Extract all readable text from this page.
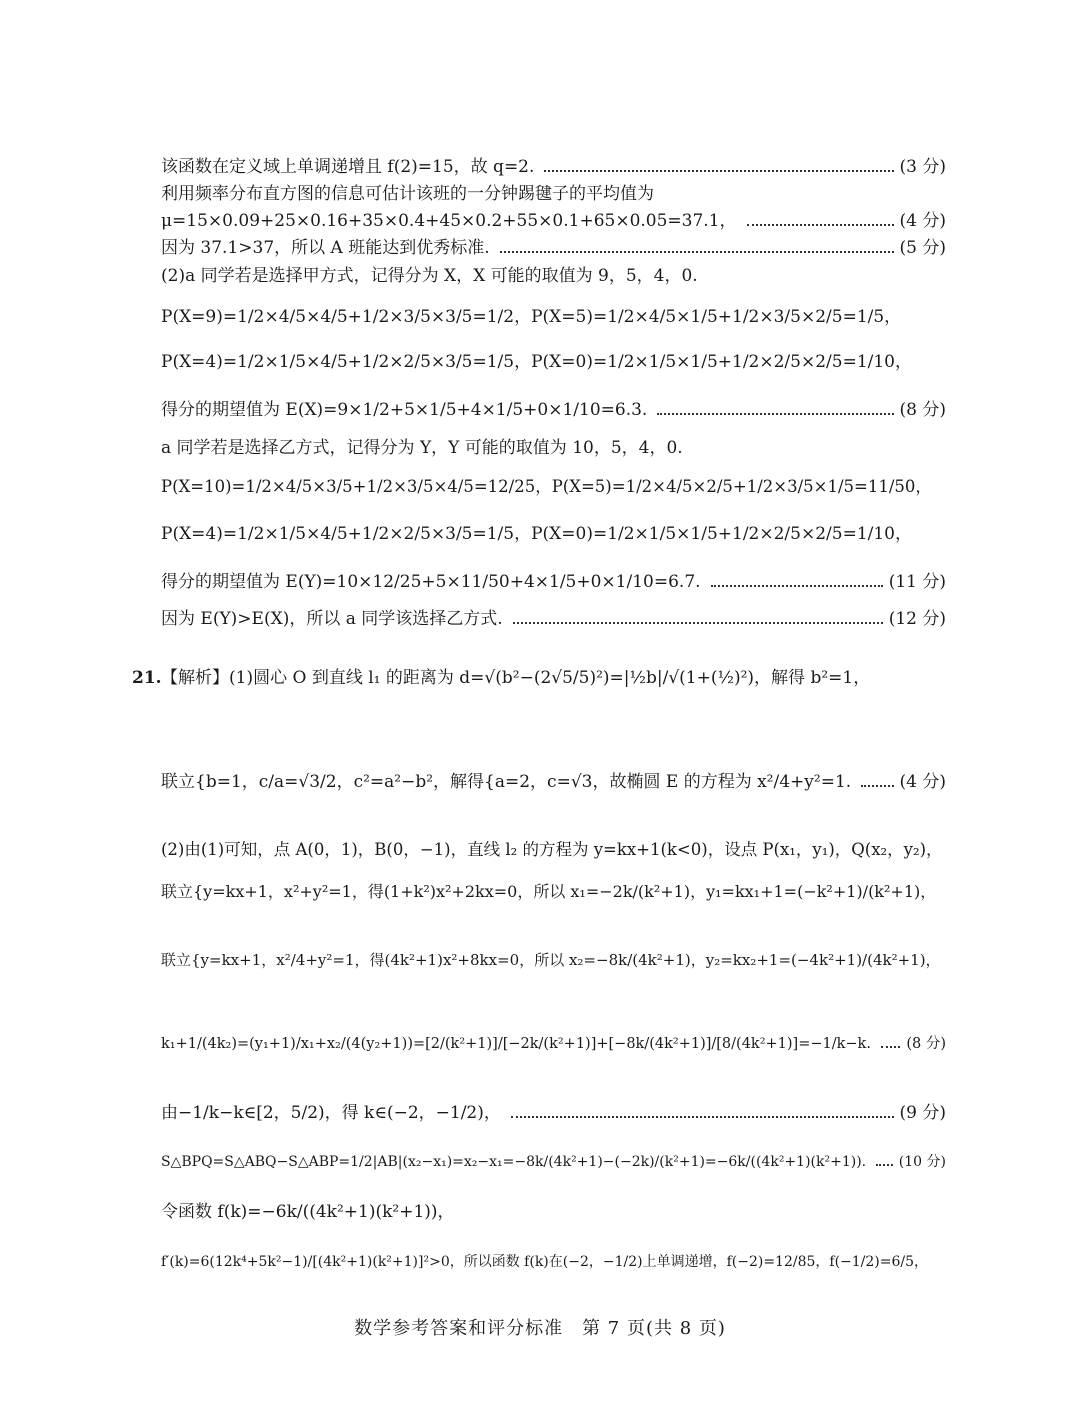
该函数在定义域上单调递增且 f(2)=15，故 q=2.	(3 分)
利用频率分布直方图的信息可估计该班的一分钟踢毽子的平均值为
μ=15×0.09+25×0.16+35×0.4+45×0.2+55×0.1+65×0.05=37.1，	(4 分)
因为 37.1>37，所以 A 班能达到优秀标准.	(5 分)
(2)a 同学若是选择甲方式，记得分为 X，X 可能的取值为 9，5，4，0.
P(X=9)=1/2×4/5×4/5+1/2×3/5×3/5=1/2，P(X=5)=1/2×4/5×1/5+1/2×3/5×2/5=1/5，
P(X=4)=1/2×1/5×4/5+1/2×2/5×3/5=1/5，P(X=0)=1/2×1/5×1/5+1/2×2/5×2/5=1/10，
得分的期望值为 E(X)=9×1/2+5×1/5+4×1/5+0×1/10=6.3.	(8 分)
a 同学若是选择乙方式，记得分为 Y，Y 可能的取值为 10，5，4，0.
P(X=10)=1/2×4/5×3/5+1/2×3/5×4/5=12/25，P(X=5)=1/2×4/5×2/5+1/2×3/5×1/5=11/50，
P(X=4)=1/2×1/5×4/5+1/2×2/5×3/5=1/5，P(X=0)=1/2×1/5×1/5+1/2×2/5×2/5=1/10，
得分的期望值为 E(Y)=10×12/25+5×11/50+4×1/5+0×1/10=6.7.	(11 分)
因为 E(Y)>E(X)，所以 a 同学该选择乙方式.	(12 分)
21. 【解析】(1)圆心 O 到直线 l₁ 的距离为 d=√(b²−(2√5/5)²)=|½b|/√(1+(½)²)，解得 b²=1，
联立{b=1，c/a=√3/2，c²=a²−b²，解得{a=2，c=√3，故椭圆 E 的方程为 x²/4+y²=1.	(4 分)
(2)由(1)可知，点 A(0，1)，B(0，−1)，直线 l₂ 的方程为 y=kx+1(k<0)，设点 P(x₁，y₁)，Q(x₂，y₂)，
联立{y=kx+1，x²+y²=1，得(1+k²)x²+2kx=0，所以 x₁=−2k/(k²+1)，y₁=kx₁+1=(−k²+1)/(k²+1)，
联立{y=kx+1，x²/4+y²=1，得(4k²+1)x²+8kx=0，所以 x₂=−8k/(4k²+1)，y₂=kx₂+1=(−4k²+1)/(4k²+1)，
k₁+1/(4k₂)=(y₁+1)/x₁+x₂/(4(y₂+1))=[2/(k²+1)]/[−2k/(k²+1)]+[−8k/(4k²+1)]/[8/(4k²+1)]=−1/k−k. (8 分)
由−1/k−k∈[2，5/2)，得 k∈(−2，−1/2)，	(9 分)
S△BPQ=S△ABQ−S△ABP=1/2|AB|(x₂−x₁)=x₂−x₁=−8k/(4k²+1)−(−2k)/(k²+1)=−6k/((4k²+1)(k²+1)). (10 分)
令函数 f(k)=−6k/((4k²+1)(k²+1))，
f′(k)=6(12k⁴+5k²−1)/[(4k²+1)(k²+1)]²>0，所以函数 f(k)在(−2，−1/2)上单调递增，f(−2)=12/85，f(−1/2)=6/5，
数学参考答案和评分标准　第 7 页(共 8 页)
